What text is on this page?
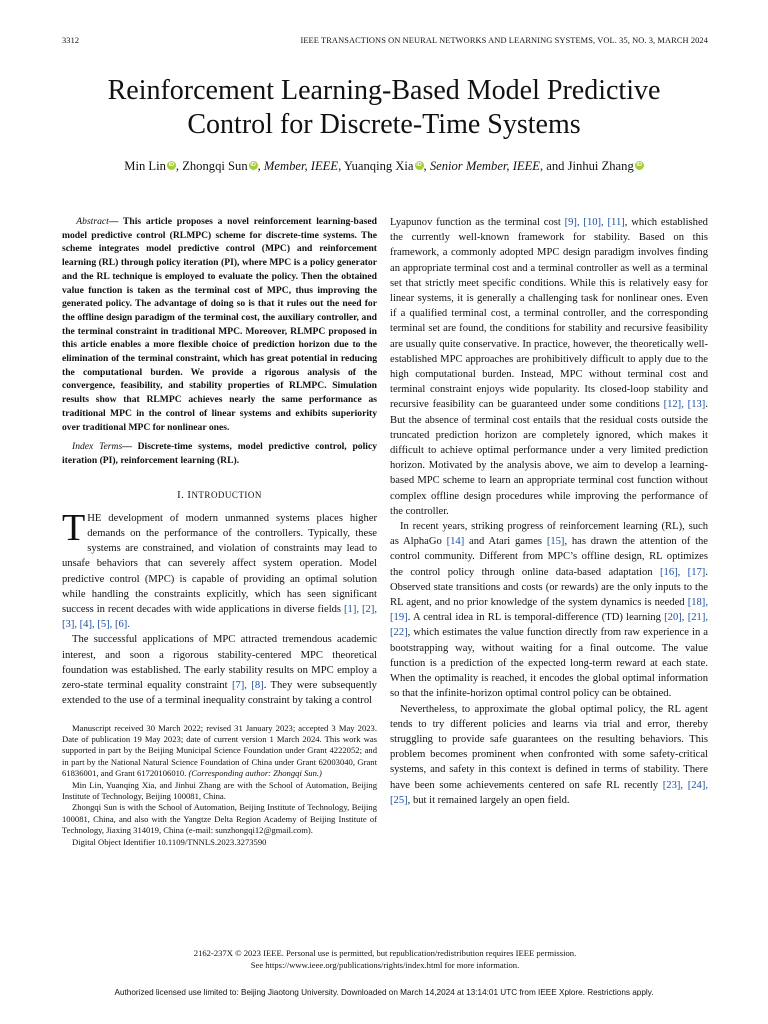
3312	IEEE TRANSACTIONS ON NEURAL NETWORKS AND LEARNING SYSTEMS, VOL. 35, NO. 3, MARCH 2024
Reinforcement Learning-Based Model Predictive
Control for Discrete-Time Systems
Min Lin iD , Zhongqi Sun iD , Member, IEEE, Yuanqing Xia iD , Senior Member, IEEE, and Jinhui Zhang iD
Abstract— This article proposes a novel reinforcement learning-based model predictive control (RLMPC) scheme for discrete-time systems. The scheme integrates model predictive control (MPC) and reinforcement learning (RL) through policy iteration (PI), where MPC is a policy generator and the RL technique is employed to evaluate the policy. Then the obtained value function is taken as the terminal cost of MPC, thus improving the generated policy. The advantage of doing so is that it rules out the need for the offline design paradigm of the terminal cost, the auxiliary controller, and the terminal constraint in traditional MPC. Moreover, RLMPC proposed in this article enables a more flexible choice of prediction horizon due to the elimination of the terminal constraint, which has great potential in reducing the computational burden. We provide a rigorous analysis of the convergence, feasibility, and stability properties of RLMPC. Simulation results show that RLMPC achieves nearly the same performance as traditional MPC in the control of linear systems and exhibits superiority over traditional MPC for nonlinear ones.
Index Terms— Discrete-time systems, model predictive control, policy iteration (PI), reinforcement learning (RL).
I. INTRODUCTION

THE development of modern unmanned systems places higher demands on the performance of the controllers. Typically, these systems are constrained, and violation of constraints may lead to unsafe behaviors that can severely affect system operation. Model predictive control (MPC) is capable of providing an optimal solution while handling the constraints explicitly, which has seen significant success in recent decades with wide applications in diverse fields [1], [2], [3], [4], [5], [6].

The successful applications of MPC attracted tremendous academic interest, and soon a rigorous stability-centered MPC theoretical foundation was established. The early stability results on MPC employ a zero-state terminal equality constraint [7], [8]. They were subsequently extended to the use of a terminal inequality constraint by taking a control

Manuscript received 30 March 2022; revised 31 January 2023; accepted 3 May 2023. Date of publication 19 May 2023; date of current version 1 March 2024. This work was supported in part by the Beijing Municipal Science Foundation under Grant 4222052; and in part by the National Natural Science Foundation of China under Grant 62003040, Grant 61836001, and Grant 61720106010. (Corresponding author: Zhongqi Sun.)

Min Lin, Yuanqing Xia, and Jinhui Zhang are with the School of Automation, Beijing Institute of Technology, Beijing 100081, China.

Zhongqi Sun is with the School of Automation, Beijing Institute of Technology, Beijing 100081, China, and also with the Yangtze Delta Region Academy of Beijing Institute of Technology, Jiaxing 314019, China (e-mail: sunzhongqi12@gmail.com).

Digital Object Identifier 10.1109/TNNLS.2023.3273590

Lyapunov function as the terminal cost [9], [10], [11], which established the currently well-known framework for stability. Based on this framework, a commonly adopted MPC design paradigm involves finding an appropriate terminal cost and a terminal controller as well as a terminal set that strictly meet specific conditions. While this is relatively easy for linear systems, it is generally a challenging task for nonlinear ones. Even if a qualified terminal cost, a terminal controller, and the corresponding terminal set are found, the conditions for stability and recursive feasibility are usually quite conservative. In practice, however, the theoretically well-established MPC approaches are prohibitively difficult to apply due to the high computational burden. Instead, MPC without terminal cost and terminal constraint enjoys wide popularity. Its closed-loop stability and recursive feasibility can be guaranteed under some conditions [12], [13]. But the absence of terminal cost entails that the residual costs outside the truncated prediction horizon are completely ignored, which makes it difficult to achieve optimal performance under a very limited prediction horizon. Motivated by the analysis above, we aim to develop a learning-based MPC scheme to learn an appropriate terminal cost function without complex offline design procedures while improving the performance of the controller.

In recent years, striking progress of reinforcement learning (RL), such as AlphaGo [14] and Atari games [15], has drawn the attention of the control community. Different from MPC’s offline design, RL optimizes the control policy through online data-based adaptation [16], [17]. Observed state transitions and costs (or rewards) are the only inputs to the RL agent, and no prior knowledge of the system dynamics is needed [18], [19]. A central idea in RL is temporal-difference (TD) learning [20], [21], [22], which estimates the value function directly from raw experience in a bootstrapping way, without waiting for a final outcome. The value function is a prediction of the expected long-term reward at each state. When the optimality is reached, it encodes the global optimal information so that the infinite-horizon optimal control policy can be obtained.

Nevertheless, to approximate the global optimal policy, the RL agent tends to try different policies and learns via trial and error, thereby struggling to provide safe guarantees on the resulting behaviors. This problem becomes prominent when confronted with some safety-critical systems, and safety in this context is defined in terms of stability. There have been some achievements centered on safe RL recently [23], [24], [25], but it remained largely an open field.

2162-237X © 2023 IEEE. Personal use is permitted, but republication/redistribution requires IEEE permission.
See https://www.ieee.org/publications/rights/index.html for more information.
Authorized licensed use limited to: Beijing Jiaotong University. Downloaded on March 14,2024 at 13:14:01 UTC from IEEE Xplore. Restrictions apply.
